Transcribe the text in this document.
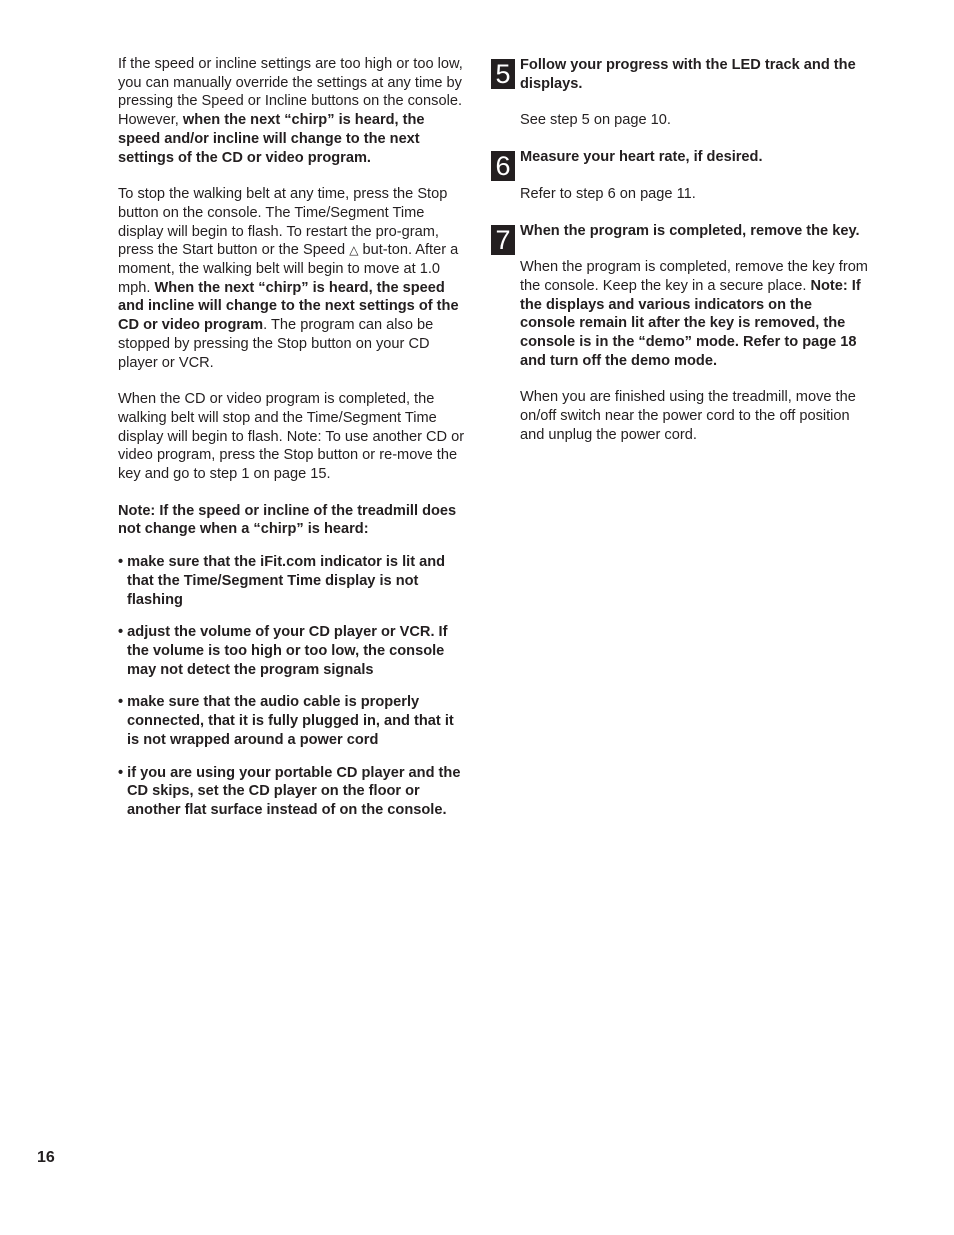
If the speed or incline settings are too high or too low, you can manually override the settings at any time by pressing the Speed or Incline buttons on the console. However, when the next “chirp” is heard, the speed and/or incline will change to the next settings of the CD or video program.

To stop the walking belt at any time, press the Stop button on the console. The Time/Segment Time display will begin to flash. To restart the pro-gram, press the Start button or the Speed △ but-ton. After a moment, the walking belt will begin to move at 1.0 mph. When the next “chirp” is heard, the speed and incline will change to the next settings of the CD or video program. The program can also be stopped by pressing the Stop button on your CD player or VCR.

When the CD or video program is completed, the walking belt will stop and the Time/Segment Time display will begin to flash. Note: To use another CD or video program, press the Stop button or re-move the key and go to step 1 on page 15.

Note: If the speed or incline of the treadmill does not change when a “chirp” is heard:

• make sure that the iFit.com indicator is lit and that the Time/Segment Time display is not flashing

• adjust the volume of your CD player or VCR. If the volume is too high or too low, the console may not detect the program signals

• make sure that the audio cable is properly connected, that it is fully plugged in, and that it is not wrapped around a power cord

• if you are using your portable CD player and the CD skips, set the CD player on the floor or another flat surface instead of on the console.

5 Follow your progress with the LED track and the displays.

See step 5 on page 10.

6 Measure your heart rate, if desired.

Refer to step 6 on page 11.

7 When the program is completed, remove the key.

When the program is completed, remove the key from the console. Keep the key in a secure place. Note: If the displays and various indicators on the console remain lit after the key is removed, the console is in the “demo” mode. Refer to page 18 and turn off the demo mode.

When you are finished using the treadmill, move the on/off switch near the power cord to the off position and unplug the power cord.

16
